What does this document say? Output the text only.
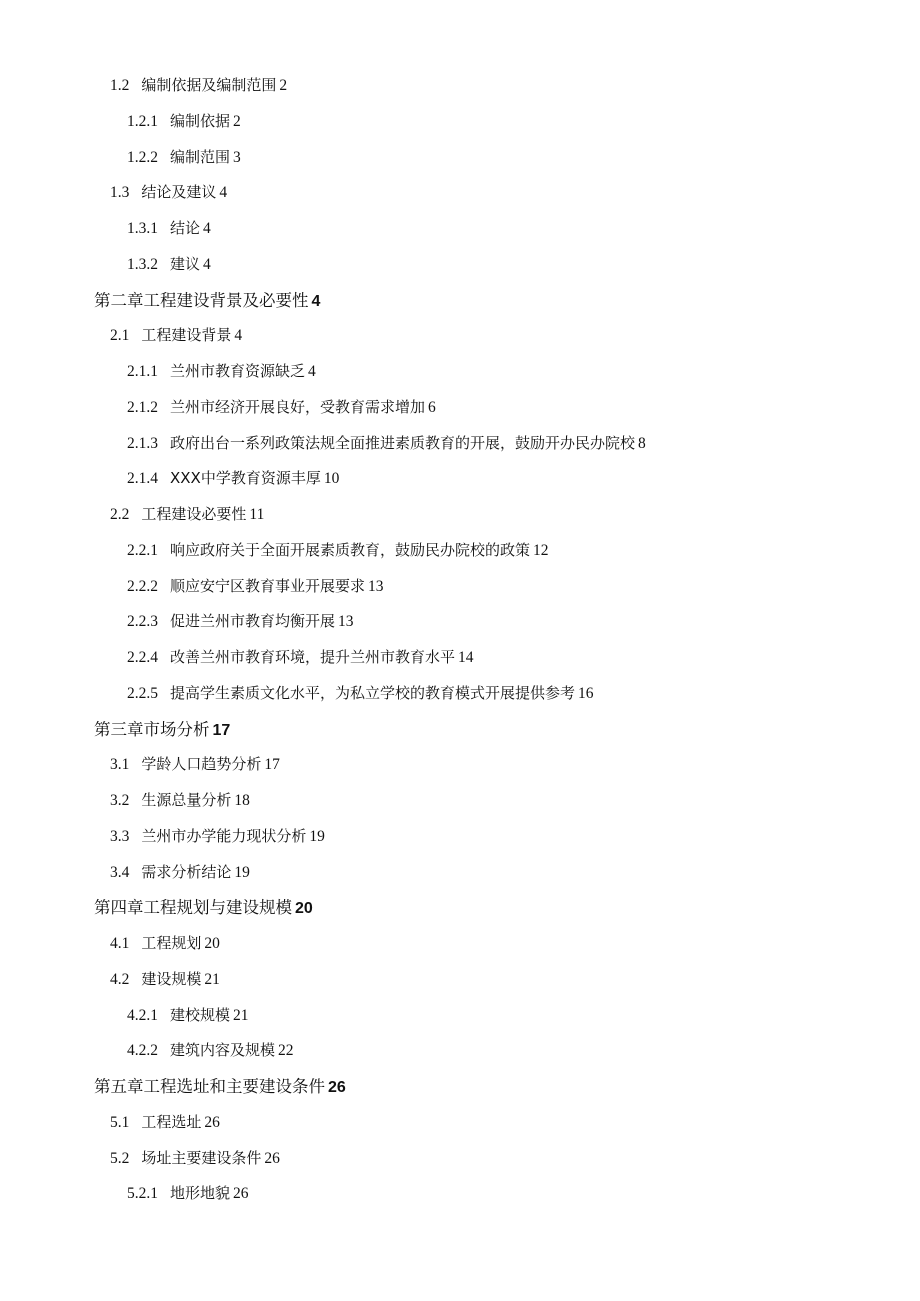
1.2 编制依据及编制范围 2
1.2.1 编制依据 2
1.2.2 编制范围 3
1.3 结论及建议 4
1.3.1 结论 4
1.3.2 建议 4
第二章工程建设背景及必要性 4
2.1 工程建设背景 4
2.1.1 兰州市教育资源缺乏 4
2.1.2 兰州市经济开展良好，受教育需求增加 6
2.1.3 政府出台一系列政策法规全面推进素质教育的开展，鼓励开办民办院校 8
2.1.4 XXX中学教育资源丰厚 10
2.2 工程建设必要性 11
2.2.1 响应政府关于全面开展素质教育，鼓励民办院校的政策 12
2.2.2 顺应安宁区教育事业开展要求 13
2.2.3 促进兰州市教育均衡开展 13
2.2.4 改善兰州市教育环境，提升兰州市教育水平 14
2.2.5 提高学生素质文化水平，为私立学校的教育模式开展提供参考 16
第三章市场分析 17
3.1 学龄人口趋势分析 17
3.2 生源总量分析 18
3.3 兰州市办学能力现状分析 19
3.4 需求分析结论 19
第四章工程规划与建设规模 20
4.1 工程规划 20
4.2 建设规模 21
4.2.1 建校规模 21
4.2.2 建筑内容及规模 22
第五章工程选址和主要建设条件 26
5.1 工程选址 26
5.2 场址主要建设条件 26
5.2.1 地形地貌 26
